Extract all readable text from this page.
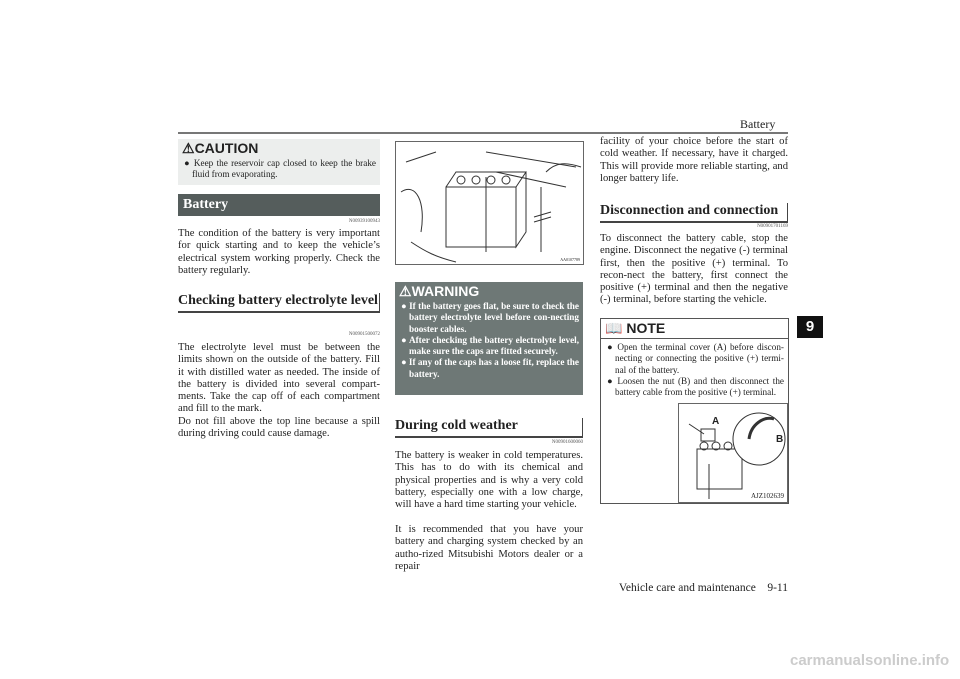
Battery
⚠CAUTION

● Keep the reservoir cap closed to keep the brake fluid from evaporating.

Battery
N00939100943

The condition of the battery is very important for quick starting and to keep the vehicle’s electrical system working properly. Check the battery regularly.

Checking battery electrolyte level
N00901500072

The electrolyte level must be between the limits shown on the outside of the battery. Fill it with distilled water as needed. The inside of the battery is divided into several compart-ments. Take the cap off of each compartment and fill to the mark.

Do not fill above the top line because a spill during driving could cause damage.

AA0107789
⚠WARNING

● If the battery goes flat, be sure to check the battery electrolyte level before con-necting booster cables.

● After checking the battery electrolyte level, make sure the caps are fitted securely.

● If any of the caps has a loose fit, replace the battery.

During cold weather
N00901600060

The battery is weaker in cold temperatures. This has to do with its chemical and physical properties and is why a very cold battery, especially one with a low charge, will have a hard time starting your vehicle.

It is recommended that you have your battery and charging system checked by an autho-rized Mitsubishi Motors dealer or a repair

facility of your choice before the start of cold weather. If necessary, have it charged. This will provide more reliable starting, and longer battery life.

Disconnection and connection
N00901701169

To disconnect the battery cable, stop the engine. Disconnect the negative (-) terminal first, then the positive (+) terminal. To recon-nect the battery, first connect the positive (+) terminal and then the negative (-) terminal, before starting the vehicle.

📖 NOTE

● Open the terminal cover (A) before discon-necting or connecting the positive (+) termi-nal of the battery.

● Loosen the nut (B) and then disconnect the battery cable from the positive (+) terminal.

A
B
AJZ102639
9
Vehicle care and maintenance 9-11
carmanualsonline.info
